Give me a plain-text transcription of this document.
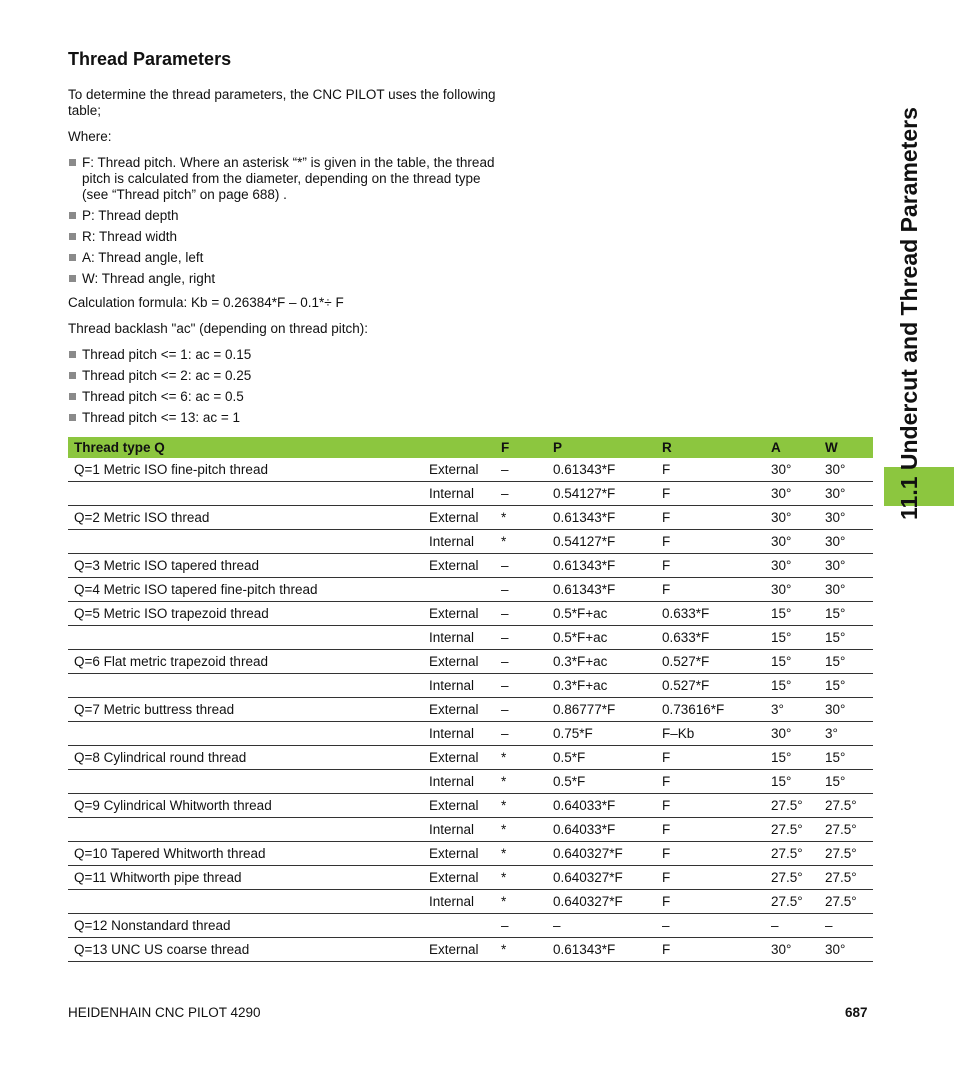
Thread Parameters

To determine the thread parameters, the CNC PILOT uses the following table;

Where:

F: Thread pitch. Where an asterisk “*” is given in the table, the thread pitch is calculated from the diameter, depending on the thread type (see “Thread pitch” on page 688) .
P: Thread depth
R: Thread width
A: Thread angle, left
W: Thread angle, right

Calculation formula: Kb = 0.26384*F – 0.1*÷ F

Thread backlash "ac" (depending on thread pitch):

Thread pitch <= 1: ac = 0.15
Thread pitch <= 2: ac = 0.25
Thread pitch <= 6: ac = 0.5
Thread pitch <= 13: ac = 1
Thread type Q		F	P	R	A	W
Q=1 Metric ISO fine-pitch thread	External	–	0.61343*F	F	30°	30°
	Internal	–	0.54127*F	F	30°	30°
Q=2 Metric ISO thread	External	*	0.61343*F	F	30°	30°
	Internal	*	0.54127*F	F	30°	30°
Q=3 Metric ISO tapered thread	External	–	0.61343*F	F	30°	30°
Q=4 Metric ISO tapered fine-pitch thread		–	0.61343*F	F	30°	30°
Q=5 Metric ISO trapezoid thread	External	–	0.5*F+ac	0.633*F	15°	15°
	Internal	–	0.5*F+ac	0.633*F	15°	15°
Q=6 Flat metric trapezoid thread	External	–	0.3*F+ac	0.527*F	15°	15°
	Internal	–	0.3*F+ac	0.527*F	15°	15°
Q=7 Metric buttress thread	External	–	0.86777*F	0.73616*F	3°	30°
	Internal	–	0.75*F	F–Kb	30°	3°
Q=8 Cylindrical round thread	External	*	0.5*F	F	15°	15°
	Internal	*	0.5*F	F	15°	15°
Q=9 Cylindrical Whitworth thread	External	*	0.64033*F	F	27.5°	27.5°
	Internal	*	0.64033*F	F	27.5°	27.5°
Q=10 Tapered Whitworth thread	External	*	0.640327*F	F	27.5°	27.5°
Q=11 Whitworth pipe thread	External	*	0.640327*F	F	27.5°	27.5°
	Internal	*	0.640327*F	F	27.5°	27.5°
Q=12 Nonstandard thread		–	–	–	–	–
Q=13 UNC US coarse thread	External	*	0.61343*F	F	30°	30°
HEIDENHAIN CNC PILOT 4290	687
11.1 Undercut and Thread Parameters
